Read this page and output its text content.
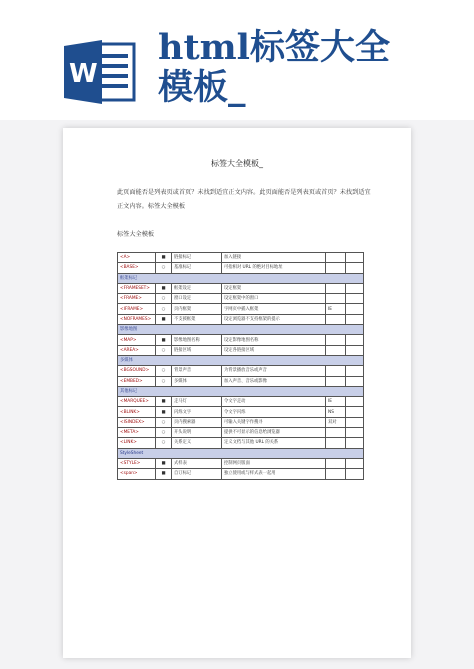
W
html标签大全
模板_
标签大全模板_
此页面能否是列表页或首页？未找到适宜正文内容。此页面能否是列表页或首页？未找到适宜正文内容。标签大全模板
标签大全模板
<A>	■	链接标记	加入链接		
<BASE>	○	基准标记	可指相对 URL 的绝对目标地址		
框架标记					
<FRAMESET>	■	框架设定	设定框架		
<FRAME>	○	窗口设定	设定框架中的窗口		
<IFRAME>	○	页内框架	字网页中插入框架	IE	
<NOFRAMES>	■	不支援框架	设定浏览器不支持框架的提示		
影像地图					
<MAP>	■	影像地图名称	设定影像地图名称		
<AREA>	○	链接区域	设定各链接区域		
多媒体					
<BGSOUND>	○	背景声音	为背景播放音乐或声音		
<EMBED>	○	多媒体	加入声音、音乐或影像		
其他标记					
<MARQUEE>	■	走马灯	令文字走动	IE	
<BLINK>	■	闪烁文字	令文字闪烁	NS	
<ISINDEX>	○	页内搜索器	可输入关键字作搜寻	双对	
<META>	○	开头说明	提供不可显示的信息给浏览器		
<LINK>	○	关系定义	定义文档与其他 URL 的关系		
StyleSheet					
<STYLE>	■	式样表	控制网页版面		
<span>	■	自订标记	独立使用或与样式表一起用		
